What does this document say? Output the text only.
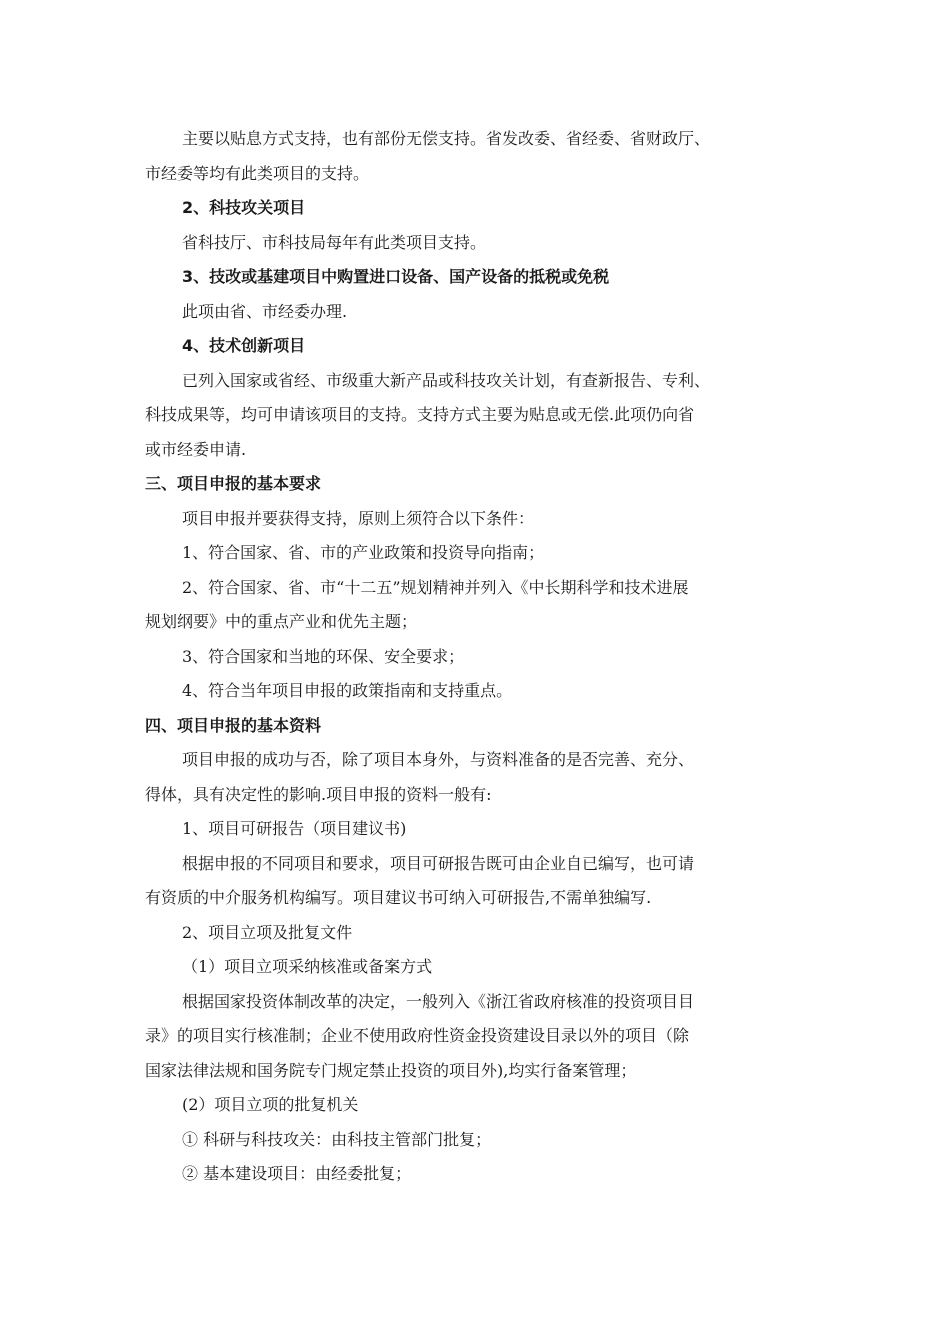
主要以贴息方式支持，也有部份无偿支持。省发改委、省经委、省财政厅、
市经委等均有此类项目的支持。
2、科技攻关项目
省科技厅、市科技局每年有此类项目支持。
3、技改或基建项目中购置进口设备、国产设备的抵税或免税
此项由省、市经委办理.
4、技术创新项目
已列入国家或省经、市级重大新产品或科技攻关计划，有查新报告、专利、
科技成果等，均可申请该项目的支持。支持方式主要为贴息或无偿.此项仍向省
或市经委申请.
三、项目申报的基本要求
项目申报并要获得支持，原则上须符合以下条件：
1、符合国家、省、市的产业政策和投资导向指南；
2、符合国家、省、市“十二五”规划精神并列入《中长期科学和技术进展
规划纲要》中的重点产业和优先主题；
3、符合国家和当地的环保、安全要求；
4、符合当年项目申报的政策指南和支持重点。
四、项目申报的基本资料
项目申报的成功与否，除了项目本身外，与资料准备的是否完善、充分、
得体，具有决定性的影响.项目申报的资料一般有:
1、项目可研报告（项目建议书)
根据申报的不同项目和要求，项目可研报告既可由企业自已编写，也可请
有资质的中介服务机构编写。项目建议书可纳入可研报告,不需单独编写.
2、项目立项及批复文件
（1）项目立项采纳核准或备案方式
根据国家投资体制改革的决定，一般列入《浙江省政府核准的投资项目目
录》的项目实行核准制；企业不使用政府性资金投资建设目录以外的项目（除
国家法律法规和国务院专门规定禁止投资的项目外),均实行备案管理；
(2）项目立项的批复机关
① 科研与科技攻关：由科技主管部门批复；
② 基本建设项目：由经委批复；
